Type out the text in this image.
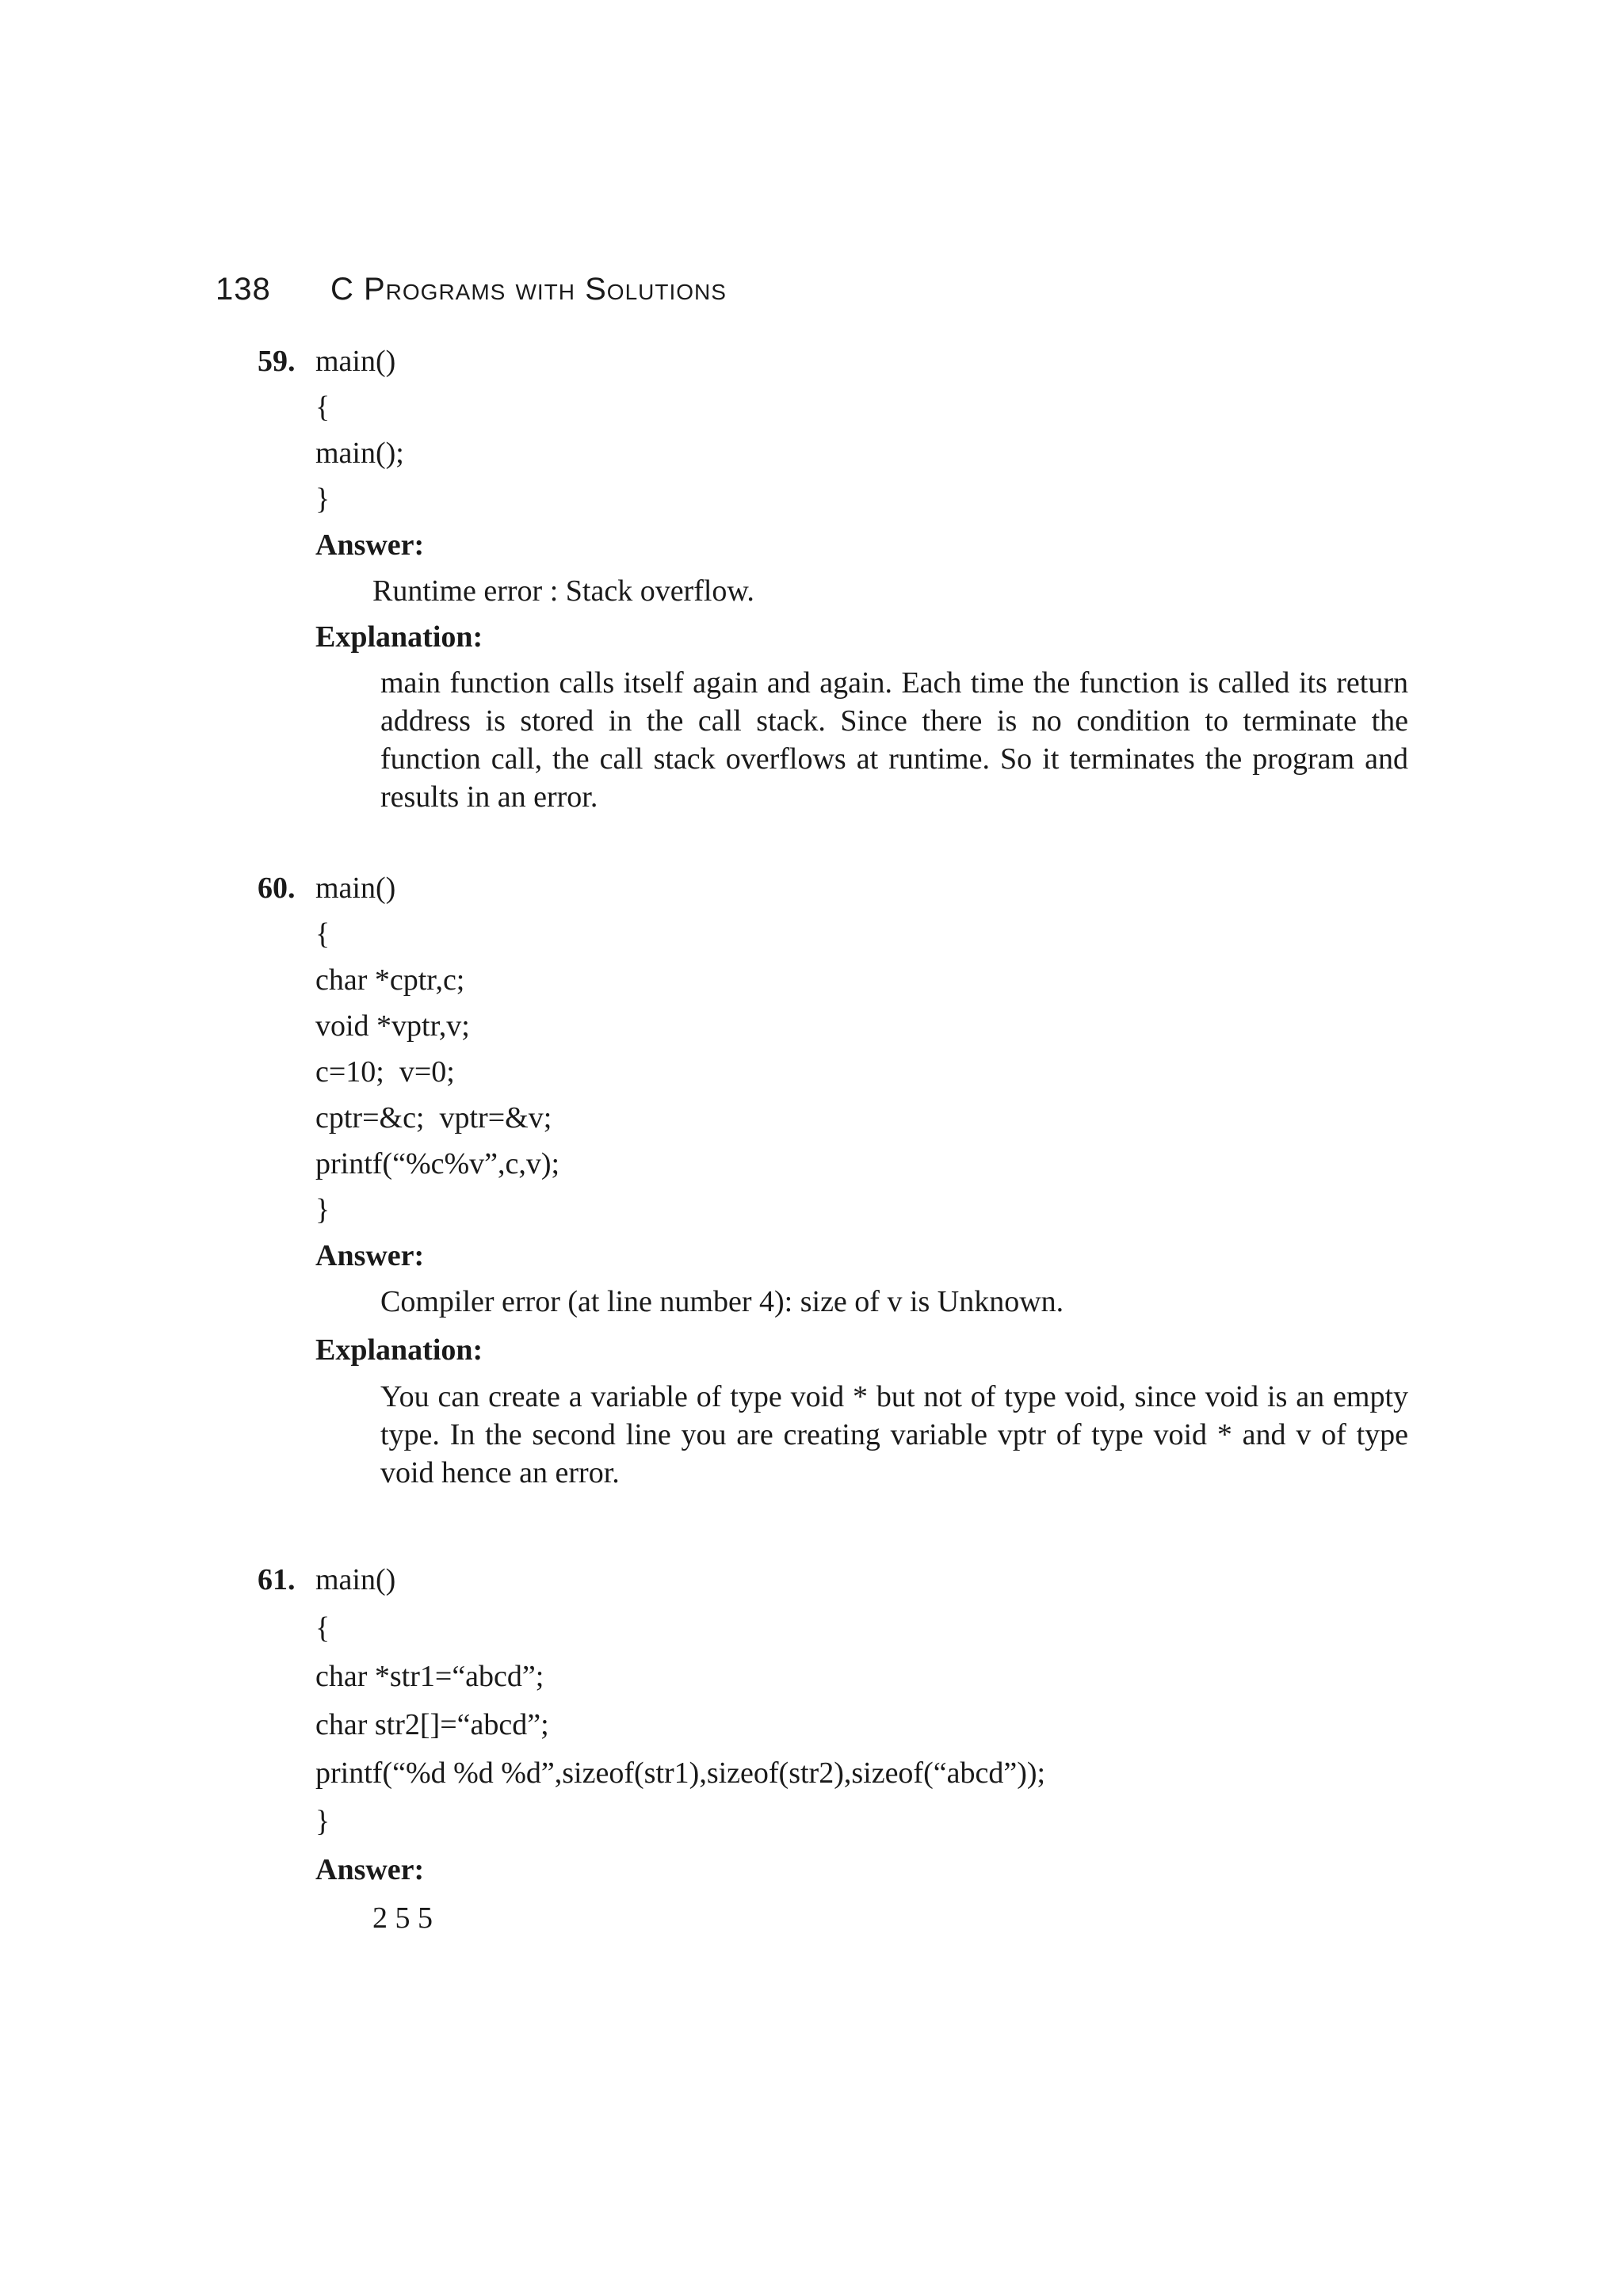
138 C Programs with Solutions
59. main()
{
main();
}
Answer:
Runtime error : Stack overflow.
Explanation:
main function calls itself again and again. Each time the function is called its return address is stored in the call stack. Since there is no condition to terminate the function call, the call stack overflows at runtime. So it terminates the program and results in an error.
60. main()
{
char *cptr,c;
void *vptr,v;
c=10;  v=0;
cptr=&c;  vptr=&v;
printf(“%c%v”,c,v);
}
Answer:
Compiler error (at line number 4): size of v is Unknown.
Explanation:
You can create a variable of type void * but not of type void, since void is an empty type. In the second line you are creating variable vptr of type void * and v of type void hence an error.
61. main()
{
char *str1=“abcd”;
char str2[]=“abcd”;
printf(“%d %d %d”,sizeof(str1),sizeof(str2),sizeof(“abcd”));
}
Answer:
2 5 5
